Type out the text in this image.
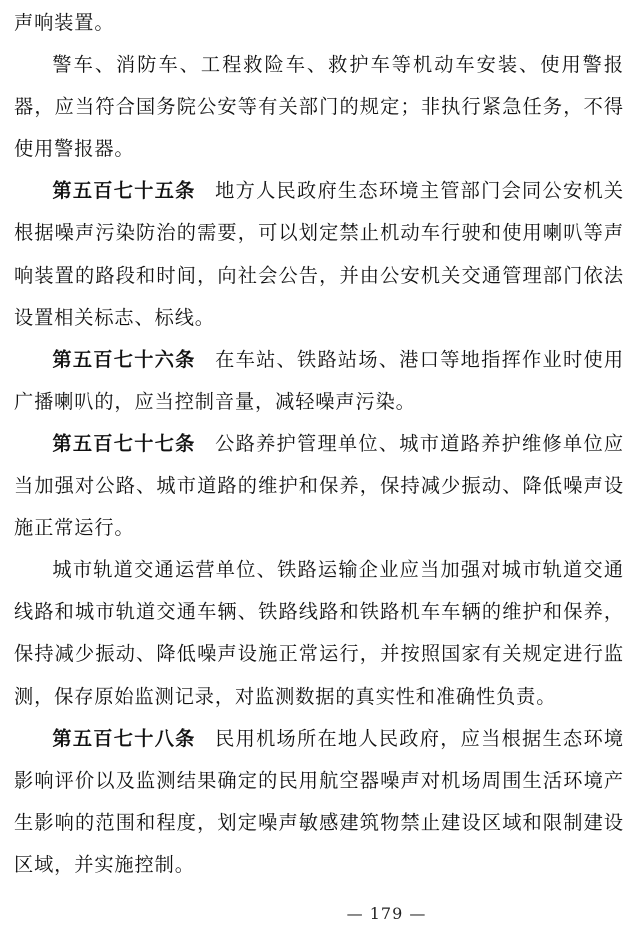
声响装置。

警车、消防车、工程救险车、救护车等机动车安装、使用警报器，应当符合国务院公安等有关部门的规定；非执行紧急任务，不得使用警报器。

第五百七十五条 地方人民政府生态环境主管部门会同公安机关根据噪声污染防治的需要，可以划定禁止机动车行驶和使用喇叭等声响装置的路段和时间，向社会公告，并由公安机关交通管理部门依法设置相关标志、标线。

第五百七十六条 在车站、铁路站场、港口等地指挥作业时使用广播喇叭的，应当控制音量，减轻噪声污染。

第五百七十七条 公路养护管理单位、城市道路养护维修单位应当加强对公路、城市道路的维护和保养，保持减少振动、降低噪声设施正常运行。

城市轨道交通运营单位、铁路运输企业应当加强对城市轨道交通线路和城市轨道交通车辆、铁路线路和铁路机车车辆的维护和保养，保持减少振动、降低噪声设施正常运行，并按照国家有关规定进行监测，保存原始监测记录，对监测数据的真实性和准确性负责。

第五百七十八条 民用机场所在地人民政府，应当根据生态环境影响评价以及监测结果确定的民用航空器噪声对机场周围生活环境产生影响的范围和程度，划定噪声敏感建筑物禁止建设区域和限制建设区域，并实施控制。

— 179 —
